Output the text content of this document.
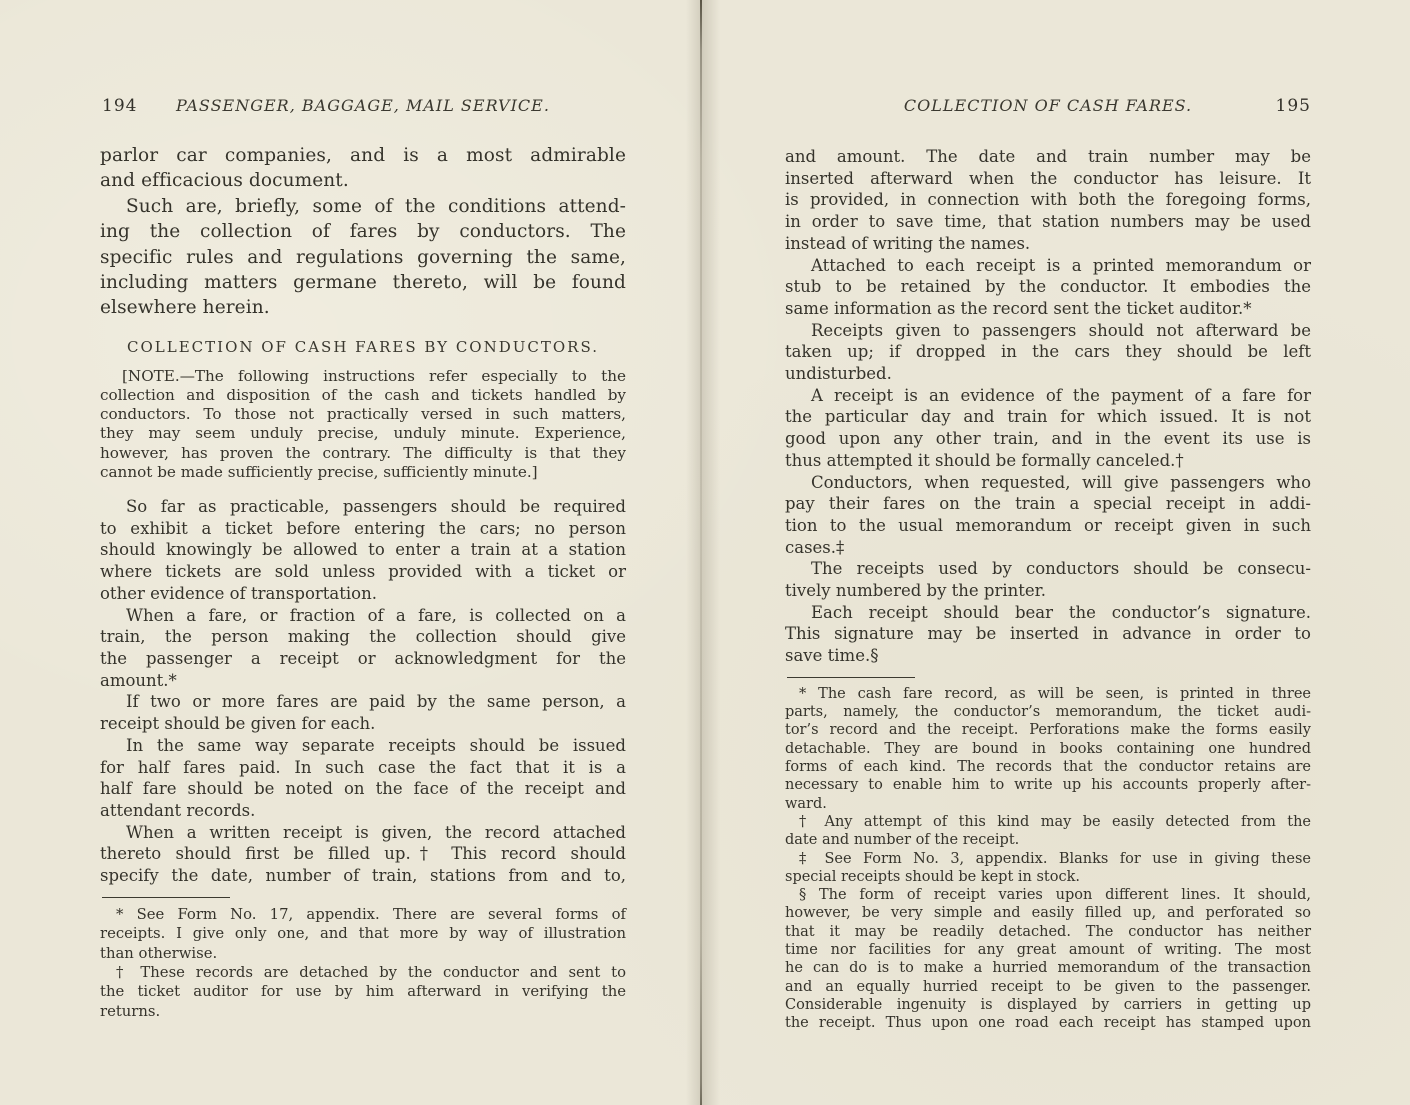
194	PASSENGER, BAGGAGE, MAIL SERVICE.
parlor car companies, and is a most admirable
and efficacious document.
Such are, briefly, some of the conditions attend-
ing the collection of fares by conductors. The
specific rules and regulations governing the same,
including matters germane thereto, will be found
elsewhere herein.
COLLECTION OF CASH FARES BY CONDUCTORS.
[NOTE.—The following instructions refer especially to the
collection and disposition of the cash and tickets handled by
conductors. To those not practically versed in such matters,
they may seem unduly precise, unduly minute. Experience,
however, has proven the contrary. The difficulty is that they
cannot be made sufficiently precise, sufficiently minute.]
So far as practicable, passengers should be required
to exhibit a ticket before entering the cars; no person
should knowingly be allowed to enter a train at a station
where tickets are sold unless provided with a ticket or
other evidence of transportation.
When a fare, or fraction of a fare, is collected on a
train, the person making the collection should give
the passenger a receipt or acknowledgment for the
amount.*
If two or more fares are paid by the same person, a
receipt should be given for each.
In the same way separate receipts should be issued
for half fares paid. In such case the fact that it is a
half fare should be noted on the face of the receipt and
attendant records.
When a written receipt is given, the record attached
thereto should first be filled up.† This record should
specify the date, number of train, stations from and to,
* See Form No. 17, appendix. There are several forms of
receipts. I give only one, and that more by way of illustration
than otherwise.
† These records are detached by the conductor and sent to
the ticket auditor for use by him afterward in verifying the
returns.
195
COLLECTION OF CASH FARES.
and amount. The date and train number may be
inserted afterward when the conductor has leisure. It
is provided, in connection with both the foregoing forms,
in order to save time, that station numbers may be used
instead of writing the names.
Attached to each receipt is a printed memorandum or
stub to be retained by the conductor. It embodies the
same information as the record sent the ticket auditor.*
Receipts given to passengers should not afterward be
taken up; if dropped in the cars they should be left
undisturbed.
A receipt is an evidence of the payment of a fare for
the particular day and train for which issued. It is not
good upon any other train, and in the event its use is
thus attempted it should be formally canceled.†
Conductors, when requested, will give passengers who
pay their fares on the train a special receipt in addi-
tion to the usual memorandum or receipt given in such
cases.‡
The receipts used by conductors should be consecu-
tively numbered by the printer.
Each receipt should bear the conductor’s signature.
This signature may be inserted in advance in order to
save time.§
* The cash fare record, as will be seen, is printed in three
parts, namely, the conductor’s memorandum, the ticket audi-
tor’s record and the receipt. Perforations make the forms easily
detachable. They are bound in books containing one hundred
forms of each kind. The records that the conductor retains are
necessary to enable him to write up his accounts properly after-
ward.
† Any attempt of this kind may be easily detected from the
date and number of the receipt.
‡ See Form No. 3, appendix. Blanks for use in giving these
special receipts should be kept in stock.
§ The form of receipt varies upon different lines. It should,
however, be very simple and easily filled up, and perforated so
that it may be readily detached. The conductor has neither
time nor facilities for any great amount of writing. The most
he can do is to make a hurried memorandum of the transaction
and an equally hurried receipt to be given to the passenger.
Considerable ingenuity is displayed by carriers in getting up
the receipt. Thus upon one road each receipt has stamped upon
